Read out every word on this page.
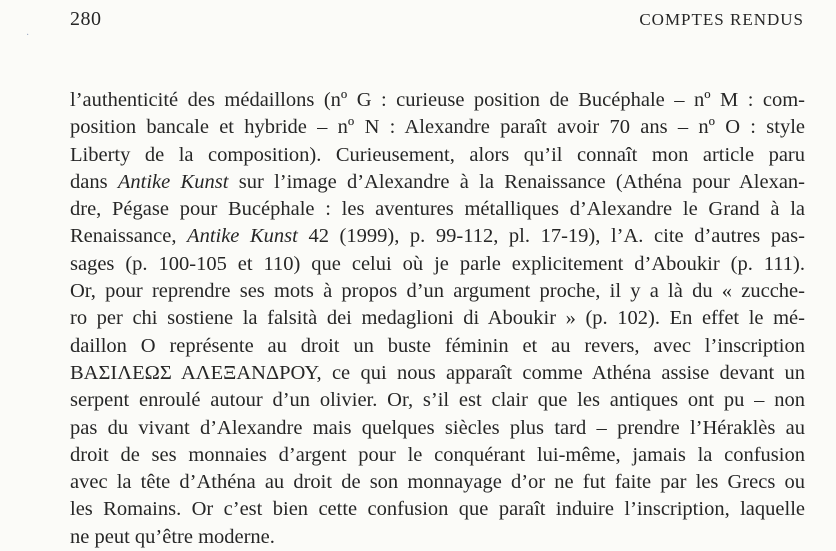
280	COMPTES RENDUS
·
l’authenticité des médaillons (nº G : curieuse position de Bucéphale – nº M : com-
position bancale et hybride – nº N : Alexandre paraît avoir 70 ans – nº O : style
Liberty de la composition). Curieusement, alors qu’il connaît mon article paru
dans Antike Kunst sur l’image d’Alexandre à la Renaissance (Athéna pour Alexan-
dre, Pégase pour Bucéphale : les aventures métalliques d’Alexandre le Grand à la
Renaissance, Antike Kunst 42 (1999), p. 99-112, pl. 17-19), l’A. cite d’autres pas-
sages (p. 100-105 et 110) que celui où je parle explicitement d’Aboukir (p. 111).
Or, pour reprendre ses mots à propos d’un argument proche, il y a là du « zucche-
ro per chi sostiene la falsità dei medaglioni di Aboukir » (p. 102). En effet le mé-
daillon O représente au droit un buste féminin et au revers, avec l’inscription
ΒΑΣΙΛΕΩΣ ΑΛΕΞΑΝΔΡΟΥ, ce qui nous apparaît comme Athéna assise devant un
serpent enroulé autour d’un olivier. Or, s’il est clair que les antiques ont pu – non
pas du vivant d’Alexandre mais quelques siècles plus tard – prendre l’Héraklès au
droit de ses monnaies d’argent pour le conquérant lui-même, jamais la confusion
avec la tête d’Athéna au droit de son monnayage d’or ne fut faite par les Grecs ou
les Romains. Or c’est bien cette confusion que paraît induire l’inscription, laquelle
ne peut qu’être moderne.
